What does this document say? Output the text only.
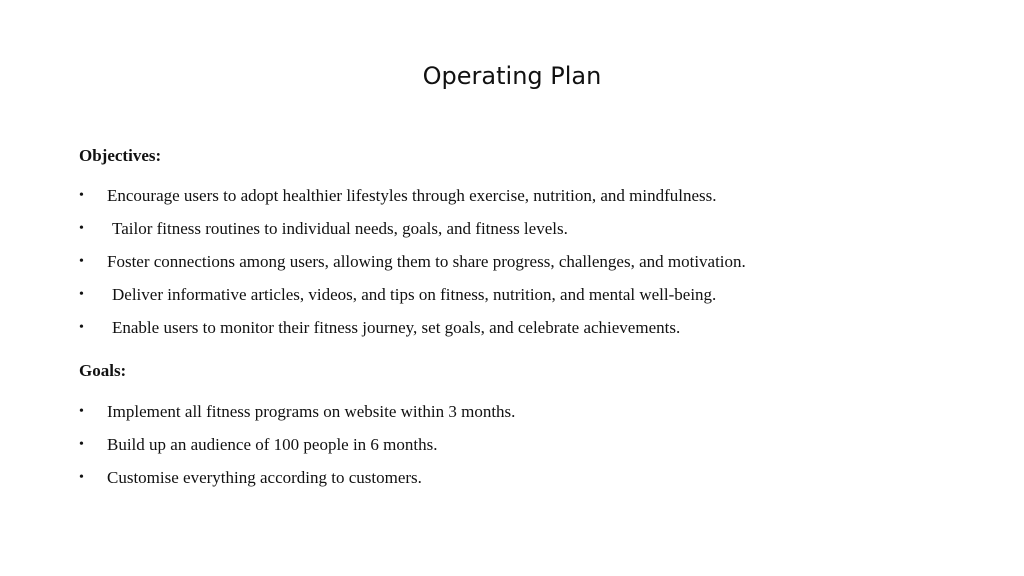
Operating Plan
Objectives:
•	Encourage users to adopt healthier lifestyles through exercise, nutrition, and mindfulness.
•	Tailor fitness routines to individual needs, goals, and fitness levels.
•	Foster connections among users, allowing them to share progress, challenges, and motivation.
•	Deliver informative articles, videos, and tips on fitness, nutrition, and mental well-being.
•	Enable users to monitor their fitness journey, set goals, and celebrate achievements.
Goals:
•	Implement all fitness programs on website within 3 months.
•	Build up an audience of 100 people in 6 months.
•	Customise everything according to customers.
